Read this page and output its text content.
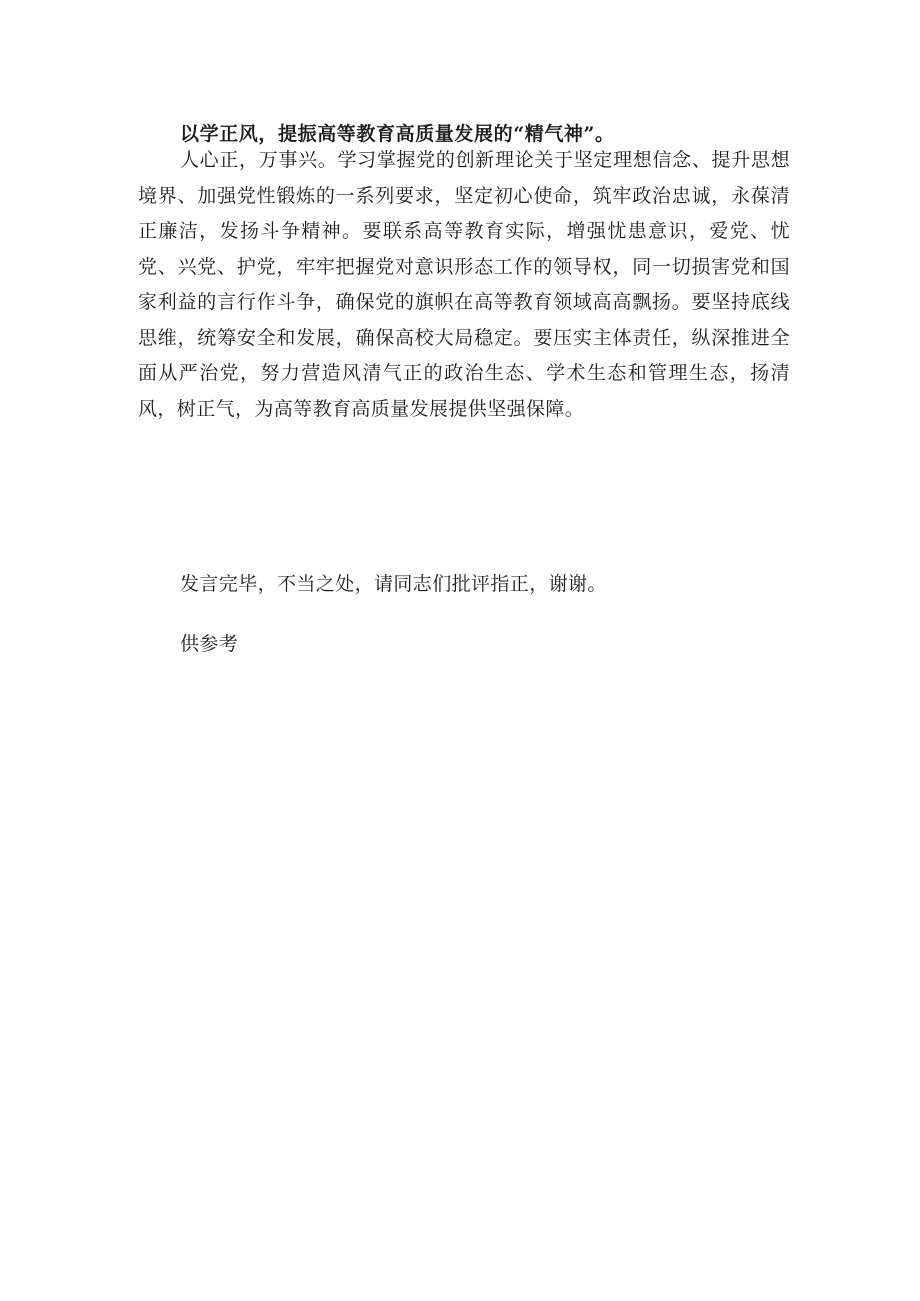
以学正风，提振高等教育高质量发展的“精气神”。
人心正，万事兴。学习掌握党的创新理论关于坚定理想信念、提升思想境界、加强党性锻炼的一系列要求，坚定初心使命，筑牢政治忠诚，永葆清正廉洁，发扬斗争精神。要联系高等教育实际，增强忧患意识，爱党、忧党、兴党、护党，牢牢把握党对意识形态工作的领导权，同一切损害党和国家利益的言行作斗争，确保党的旗帜在高等教育领域高高飘扬。要坚持底线思维，统筹安全和发展，确保高校大局稳定。要压实主体责任，纵深推进全面从严治党，努力营造风清气正的政治生态、学术生态和管理生态，扬清风，树正气，为高等教育高质量发展提供坚强保障。
发言完毕，不当之处，请同志们批评指正，谢谢。
供参考
